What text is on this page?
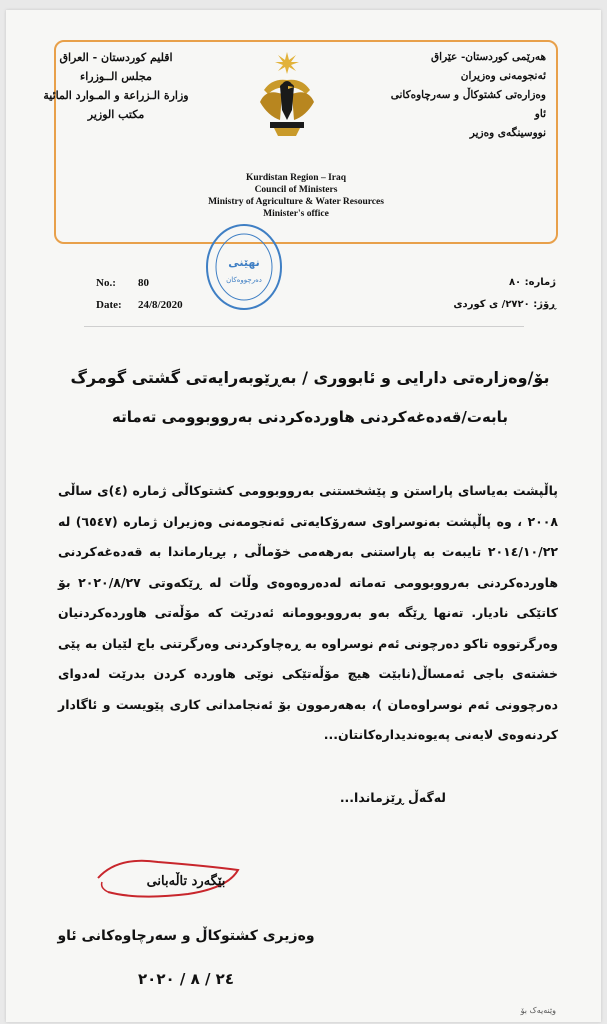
اقليم كوردستان - العراق
مجلس الــوزراء
وزارة الـزراعة و المـوارد المائية
مكتب الوزير
هەرێمی کوردستان- عێراق
ئەنجومەنی وەزیران
وەزارەتی کشتوکاڵ و سەرچاوەکانی ئاو
نووسینگەی وەزیر
Kurdistan Region – Iraq
Council of Ministers
Ministry of Agriculture & Water Resources
Minister's office
نهێنی
دەرچووەکان
No.: 80
Date: 24/8/2020
ژمارە: ٨٠
ڕۆژ: ٢٧٢٠/ ی كوردی
بۆ/وەزارەتی دارایی و ئابووری / بەڕێوبەرایەتی گشتی گومرگ
بابەت/قەدەغەکردنی هاوردەکردنی بەرووبوومی تەماتە
پاڵپشت بەیاسای پاراستن و پێشخستنی بەرووبوومی کشتوکاڵی ژمارە (٤)ی ساڵی ٢٠٠٨ ، وە پاڵپشت بەنوسراوی سەرۆکایەتی ئەنجومەنی وەزیران ژمارە (٦٥٤٧) لە ٢٠١٤/١٠/٢٢ تایبەت بە پاراستنی بەرهەمی خۆماڵی , بڕیارماندا بە قەدەغەکردنی هاوردەکردنی بەرووبوومی تەماتە لەدەروەوەی وڵات لە ڕێکەوتی ٢٠٢٠/٨/٢٧ بۆ کاتێکی نادیار. تەنها ڕێگە بەو بەرووبوومانە ئەدرێت کە مۆڵەتی هاوردەکردنیان وەرگرتووە تاکو دەرچونی ئەم نوسراوە بە ڕەچاوکردنی وەرگرتنی باج لێیان بە پێی خشتەی باجی ئەمساڵ(نابێت هیچ مۆڵەتێکی نوێی هاوردە کردن بدرێت لەدوای دەرچوونی ئەم نوسراوەمان )، بەهەرموون بۆ ئەنجامدانی کاری پێویست و ئاگادار کردنەوەی لایەنی پەیوەندیدارەکانتان...
لەگەڵ ڕێزماندا...
بێگەرد تاڵەبانی
وەزیری کشتوکاڵ و سەرچاوەکانی ئاو
٢٤ / ٨ / ٢٠٢٠
وێنەیەک بۆ
